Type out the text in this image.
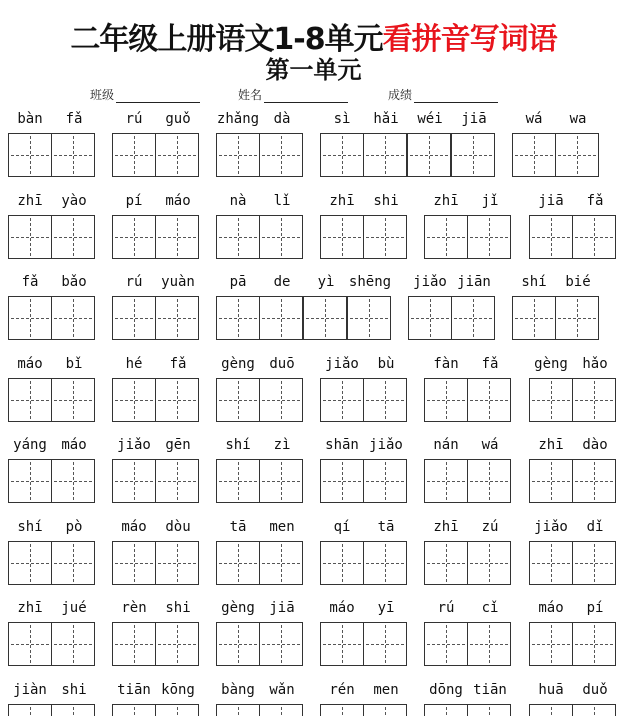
二年级上册语文1-8单元看拼音写词语
第一单元
班级	姓名	成绩
bàn	fǎ	rú	guǒ	zhǎng	dà	sì	hǎi	wéi	jiā	wá	wa
zhī	yào	pí	máo	nà	lǐ	zhī	shi	zhī	jǐ	jiā	fǎ
fǎ	bǎo	rú	yuàn	pā	de	yì	shēng	jiǎo jiān	shí	bié
máo	bǐ	hé	fǎ	gèng	duō	jiǎo	bù	fàn	fǎ	gèng	hǎo
yáng	máo	jiǎo	gēn	shí	zì	shān jiǎo	nán	wá	zhī	dào
shí	pò	máo	dòu	tā	men	qí	tā	zhī	zú	jiǎo	dǐ
zhī	jué	rèn	shi	gèng	jiā	máo	yī	rú	cǐ	máo	pí
jiàn	shi	tiān kōng	bàng	wǎn	rén	men	dōng tiān	huā	duǒ
